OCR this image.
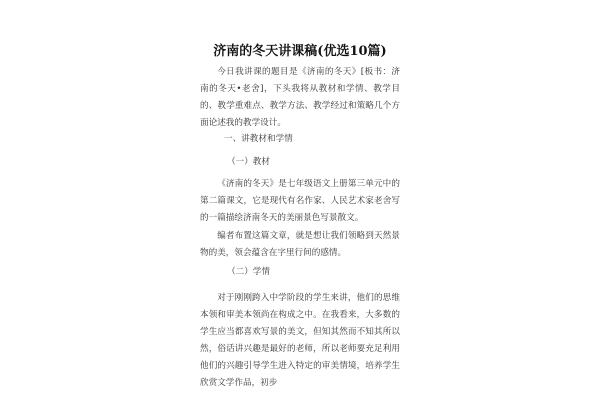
济南的冬天讲课稿(优选10篇)

今日我讲课的题目是《济南的冬天》[板书：济南的冬天•老舍]，下头我将从教材和学情、教学目的、教学重难点、教学方法、教学经过和策略几个方面论述我的教学设计。

一、讲教材和学情

（一）教材

《济南的冬天》是七年级语文上册第三单元中的第二篇课文，它是现代有名作家、人民艺术家老舍写的一篇描绘济南冬天的美丽景色写景散文。

编者布置这篇文章，就是想让我们领略到天然景物的美，领会蕴含在字里行间的感情。

（二）学情

对于刚刚跨入中学阶段的学生来讲，他们的思维本领和审美本领尚在构成之中。在我看来，大多数的学生应当都喜欢写景的美文，但知其然而不知其所以然，俗话讲兴趣是最好的老师，所以老师要充足利用他们的兴趣引导学生进入特定的审美情境，培养学生欣赏文学作品，初步
